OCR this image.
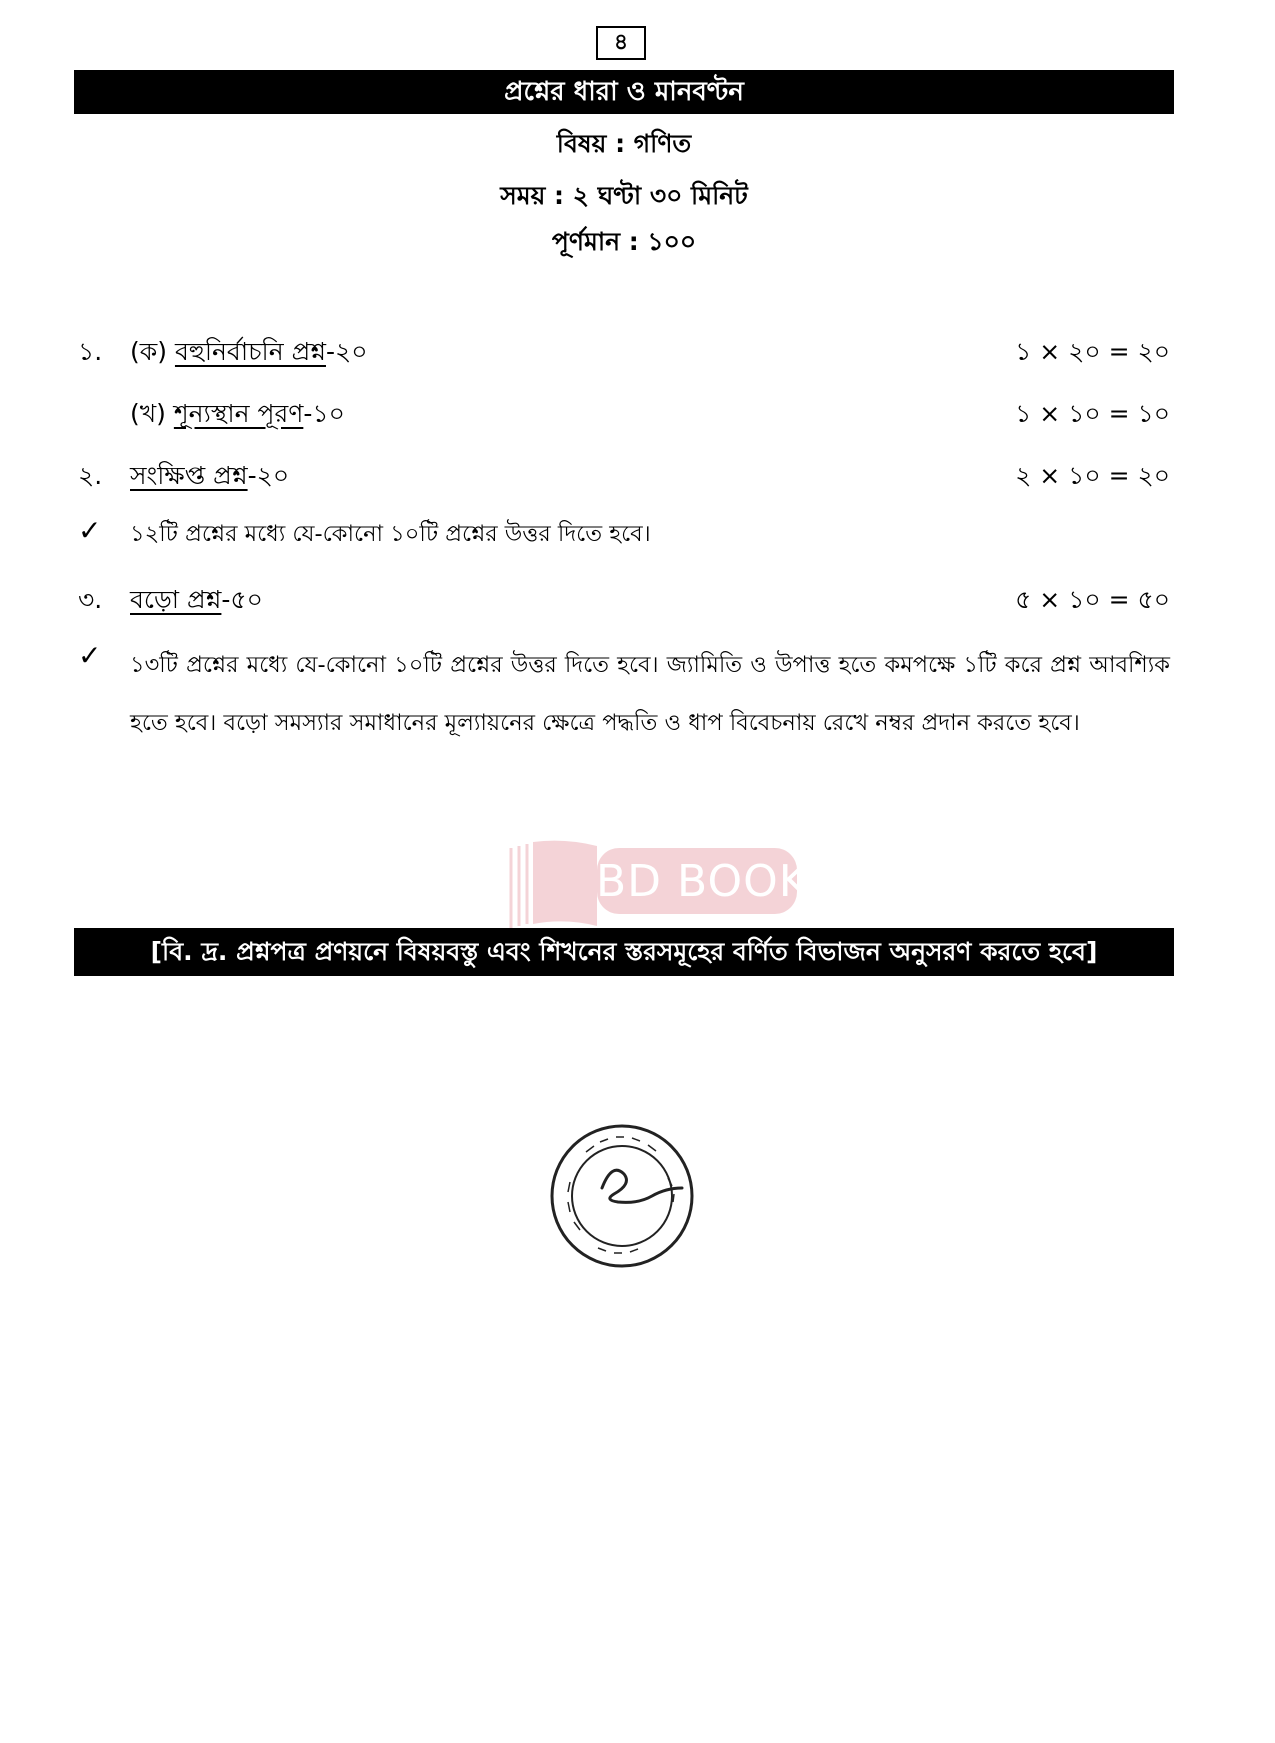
৪
প্রশ্নের ধারা ও মানবণ্টন
বিষয় : গণিত
সময় : ২ ঘণ্টা ৩০ মিনিট
পূর্ণমান : ১০০
১. (ক) বহুনির্বাচনি প্রশ্ন-২০	১ × ২০ = ২০
(খ) শূন্যস্থান পূরণ-১০	১ × ১০ = ১০
২. সংক্ষিপ্ত প্রশ্ন-২০	২ × ১০ = ২০
✓ ১২টি প্রশ্নের মধ্যে যে-কোনো ১০টি প্রশ্নের উত্তর দিতে হবে।
৩. বড়ো প্রশ্ন-৫০	৫ × ১০ = ৫০
✓ ১৩টি প্রশ্নের মধ্যে যে-কোনো ১০টি প্রশ্নের উত্তর দিতে হবে। জ্যামিতি ও উপাত্ত হতে কমপক্ষে ১টি করে প্রশ্ন আবশ্যিক হতে হবে। বড়ো সমস্যার সমাধানের মূল্যায়নের ক্ষেত্রে পদ্ধতি ও ধাপ বিবেচনায় রেখে নম্বর প্রদান করতে হবে।
BD BOOKS
[বি. দ্র. প্রশ্নপত্র প্রণয়নে বিষয়বস্তু এবং শিখনের স্তরসমূহের বর্ণিত বিভাজন অনুসরণ করতে হবে]
